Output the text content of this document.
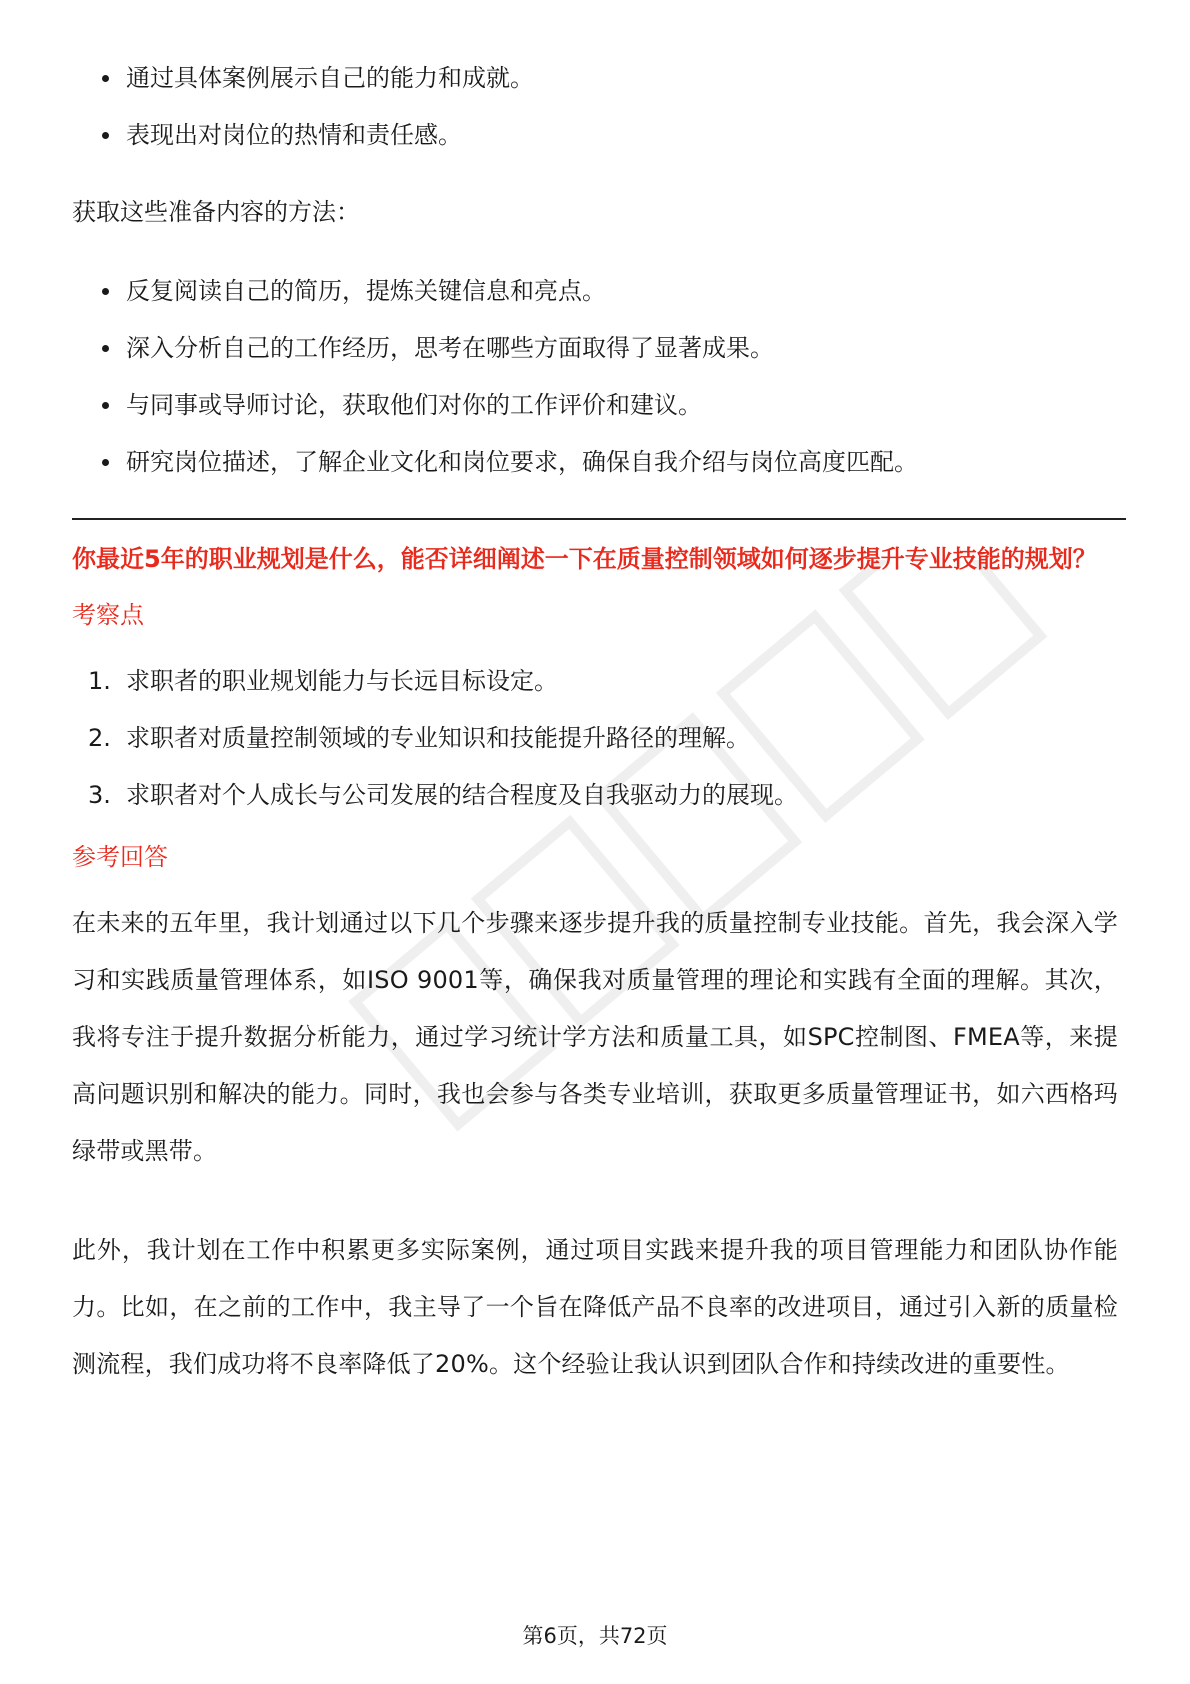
通过具体案例展示自己的能力和成就。
表现出对岗位的热情和责任感。

获取这些准备内容的方法：

反复阅读自己的简历，提炼关键信息和亮点。
深入分析自己的工作经历，思考在哪些方面取得了显著成果。
与同事或导师讨论，获取他们对你的工作评价和建议。
研究岗位描述，了解企业文化和岗位要求，确保自我介绍与岗位高度匹配。

你最近5年的职业规划是什么，能否详细阐述一下在质量控制领域如何逐步提升专业技能的规划？

考察点

1. 求职者的职业规划能力与长远目标设定。
2. 求职者对质量控制领域的专业知识和技能提升路径的理解。
3. 求职者对个人成长与公司发展的结合程度及自我驱动力的展现。

参考回答

在未来的五年里，我计划通过以下几个步骤来逐步提升我的质量控制专业技能。首先，我会深入学习和实践质量管理体系，如ISO 9001等，确保我对质量管理的理论和实践有全面的理解。其次，我将专注于提升数据分析能力，通过学习统计学方法和质量工具，如SPC控制图、FMEA等，来提高问题识别和解决的能力。同时，我也会参与各类专业培训，获取更多质量管理证书，如六西格玛绿带或黑带。

此外，我计划在工作中积累更多实际案例，通过项目实践来提升我的项目管理能力和团队协作能力。比如，在之前的工作中，我主导了一个旨在降低产品不良率的改进项目，通过引入新的质量检测流程，我们成功将不良率降低了20%。这个经验让我认识到团队合作和持续改进的重要性。

第6页，共72页
